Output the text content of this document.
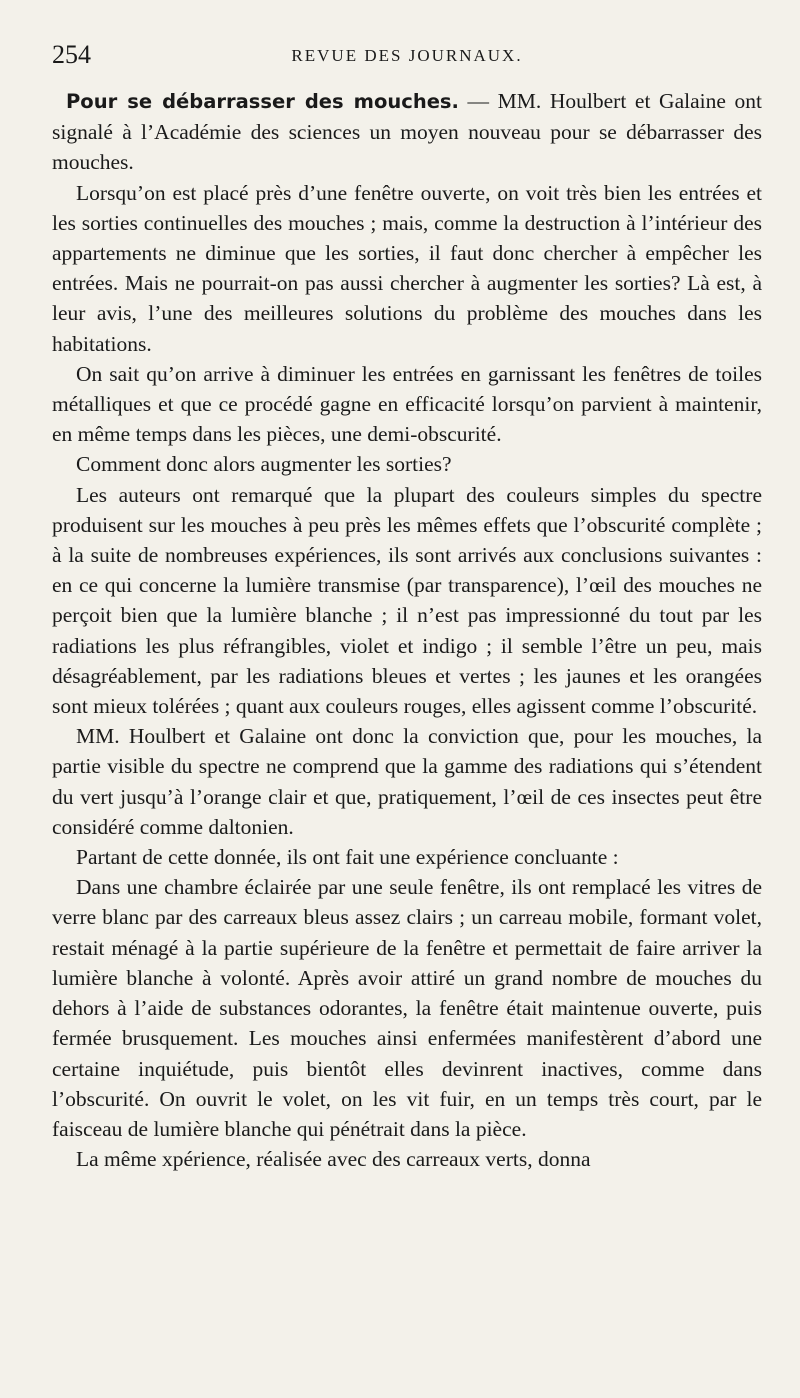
254	REVUE DES JOURNAUX.

Pour se débarrasser des mouches. — MM. Houlbert et Galaine ont signalé à l’Académie des sciences un moyen nouveau pour se débarrasser des mouches.

Lorsqu’on est placé près d’une fenêtre ouverte, on voit très bien les entrées et les sorties continuelles des mouches ; mais, comme la destruction à l’intérieur des appartements ne diminue que les sorties, il faut donc chercher à empêcher les entrées. Mais ne pourrait-on pas aussi chercher à augmenter les sorties? Là est, à leur avis, l’une des meilleures solutions du problème des mouches dans les habitations.

On sait qu’on arrive à diminuer les entrées en garnissant les fenêtres de toiles métalliques et que ce procédé gagne en efficacité lorsqu’on parvient à maintenir, en même temps dans les pièces, une demi-obscurité.

Comment donc alors augmenter les sorties?

Les auteurs ont remarqué que la plupart des couleurs simples du spectre produisent sur les mouches à peu près les mêmes effets que l’obscurité complète ; à la suite de nombreuses expériences, ils sont arrivés aux conclusions suivantes : en ce qui concerne la lumière transmise (par transparence), l’œil des mouches ne perçoit bien que la lumière blanche ; il n’est pas impressionné du tout par les radiations les plus réfrangibles, violet et indigo ; il semble l’être un peu, mais désagréablement, par les radiations bleues et vertes ; les jaunes et les orangées sont mieux tolérées ; quant aux couleurs rouges, elles agissent comme l’obscurité.

MM. Houlbert et Galaine ont donc la conviction que, pour les mouches, la partie visible du spectre ne comprend que la gamme des radiations qui s’étendent du vert jusqu’à l’orange clair et que, pratiquement, l’œil de ces insectes peut être considéré comme daltonien.

Partant de cette donnée, ils ont fait une expérience concluante :

Dans une chambre éclairée par une seule fenêtre, ils ont remplacé les vitres de verre blanc par des carreaux bleus assez clairs ; un carreau mobile, formant volet, restait ménagé à la partie supérieure de la fenêtre et permettait de faire arriver la lumière blanche à volonté. Après avoir attiré un grand nombre de mouches du dehors à l’aide de substances odorantes, la fenêtre était maintenue ouverte, puis fermée brusquement. Les mouches ainsi enfermées manifestèrent d’abord une certaine inquiétude, puis bientôt elles devinrent inactives, comme dans l’obscurité. On ouvrit le volet, on les vit fuir, en un temps très court, par le faisceau de lumière blanche qui pénétrait dans la pièce.

La même xpérience, réalisée avec des carreaux verts, donna
